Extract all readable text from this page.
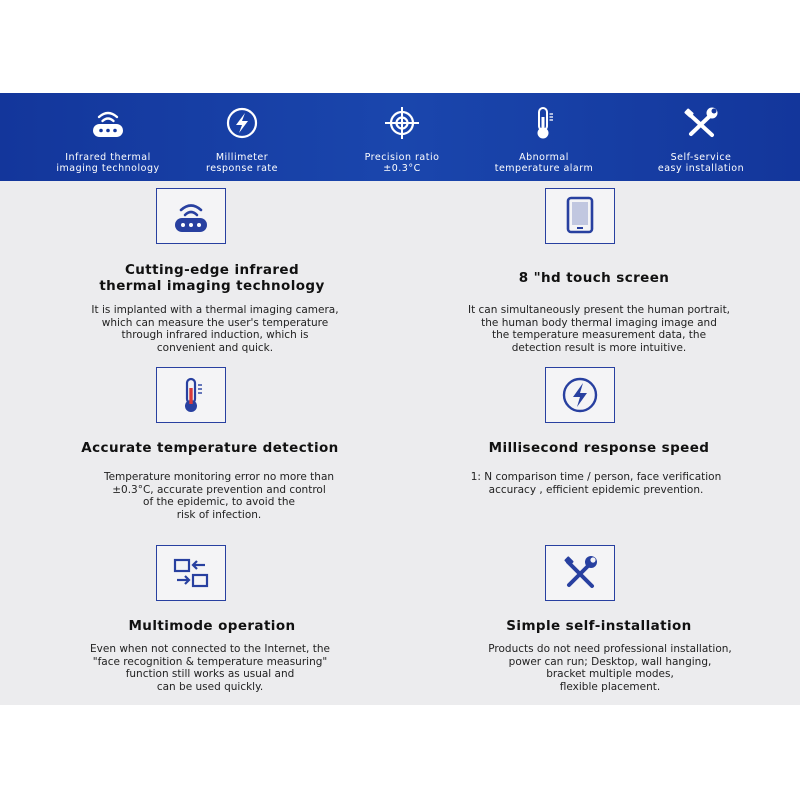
Infrared thermal
imaging technology
Millimeter
response rate
Precision ratio
±0.3°C
Abnormal
temperature alarm
Self-service
easy installation
Cutting-edge infrared
thermal imaging technology
It is implanted with a thermal imaging camera,
which can measure the user's temperature
through infrared induction, which is
convenient and quick.
8 "hd touch screen
It can simultaneously present the human portrait,
the human body thermal imaging image and
the temperature measurement data, the
detection result is more intuitive.
Accurate temperature detection
Temperature monitoring error no more than
±0.3°C, accurate prevention and control
of the epidemic, to avoid the
risk of infection.
Millisecond response speed
1: N comparison time / person, face verification
accuracy , efficient epidemic prevention.
Multimode operation
Even when not connected to the Internet, the
"face recognition & temperature measuring"
function still works as usual and
can be used quickly.
Simple self-installation
Products do not need professional installation,
power can run; Desktop, wall hanging,
bracket multiple modes,
flexible placement.
